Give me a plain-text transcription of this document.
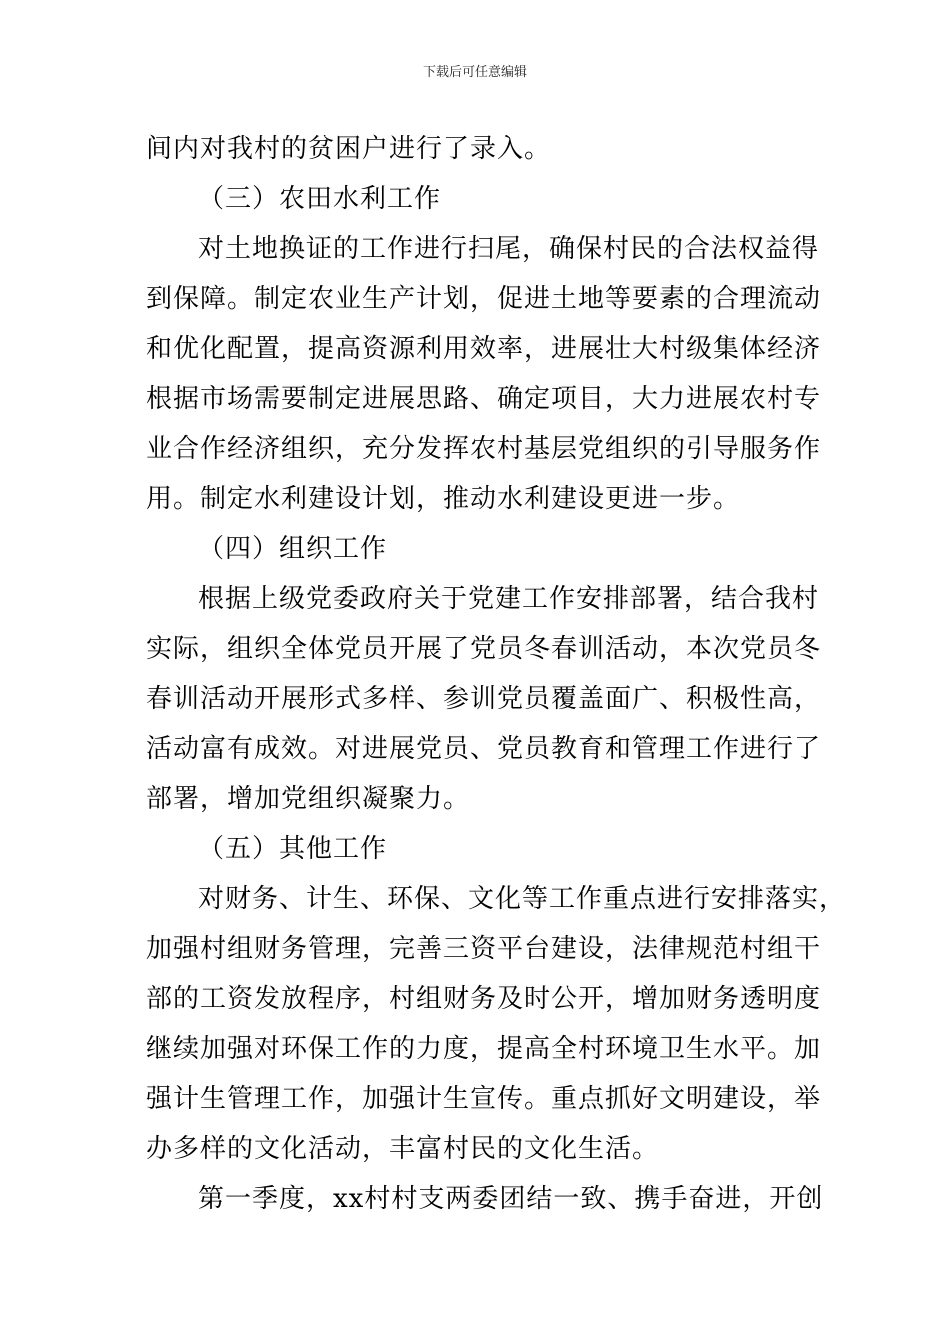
下载后可任意编辑
间内对我村的贫困户进行了录入。
（三）农田水利工作
对土地换证的工作进行扫尾，确保村民的合法权益得
到保障。制定农业生产计划，促进土地等要素的合理流动
和优化配置，提高资源利用效率，进展壮大村级集体经济
根据市场需要制定进展思路、确定项目，大力进展农村专
业合作经济组织，充分发挥农村基层党组织的引导服务作
用。制定水利建设计划，推动水利建设更进一步。
（四）组织工作
根据上级党委政府关于党建工作安排部署，结合我村
实际，组织全体党员开展了党员冬春训活动，本次党员冬
春训活动开展形式多样、参训党员覆盖面广、积极性高，
活动富有成效。对进展党员、党员教育和管理工作进行了
部署，增加党组织凝聚力。
（五）其他工作
对财务、计生、环保、文化等工作重点进行安排落实，
加强村组财务管理，完善三资平台建设，法律规范村组干
部的工资发放程序，村组财务及时公开，增加财务透明度
继续加强对环保工作的力度，提高全村环境卫生水平。加
强计生管理工作，加强计生宣传。重点抓好文明建设，举
办多样的文化活动，丰富村民的文化生活。
第一季度，xx村村支两委团结一致、携手奋进，开创
